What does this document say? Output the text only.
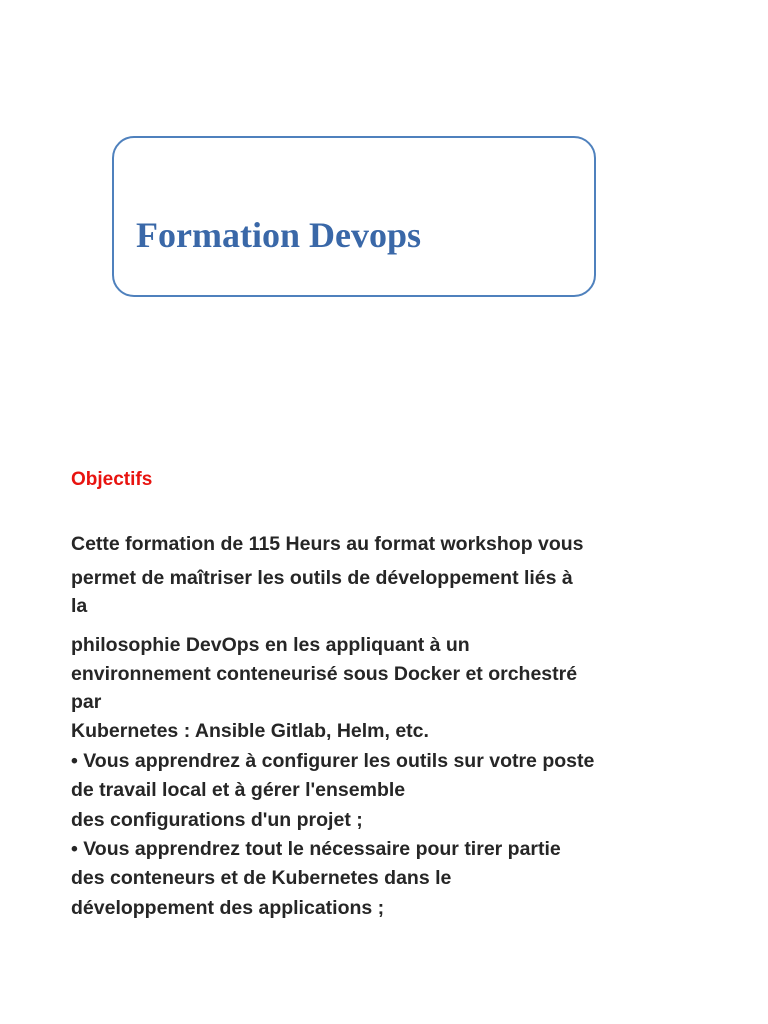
Formation Devops
Objectifs
Cette formation de 115 Heurs au format workshop vous
permet de maîtriser les outils de développement liés à
la
philosophie DevOps en les appliquant à un
environnement conteneurisé sous Docker et orchestré
par
Kubernetes : Ansible Gitlab, Helm, etc.
• Vous apprendrez à configurer les outils sur votre poste
de travail local et à gérer l'ensemble
des configurations d'un projet ;
• Vous apprendrez tout le nécessaire pour tirer partie
des conteneurs et de Kubernetes dans le
développement des applications ;
